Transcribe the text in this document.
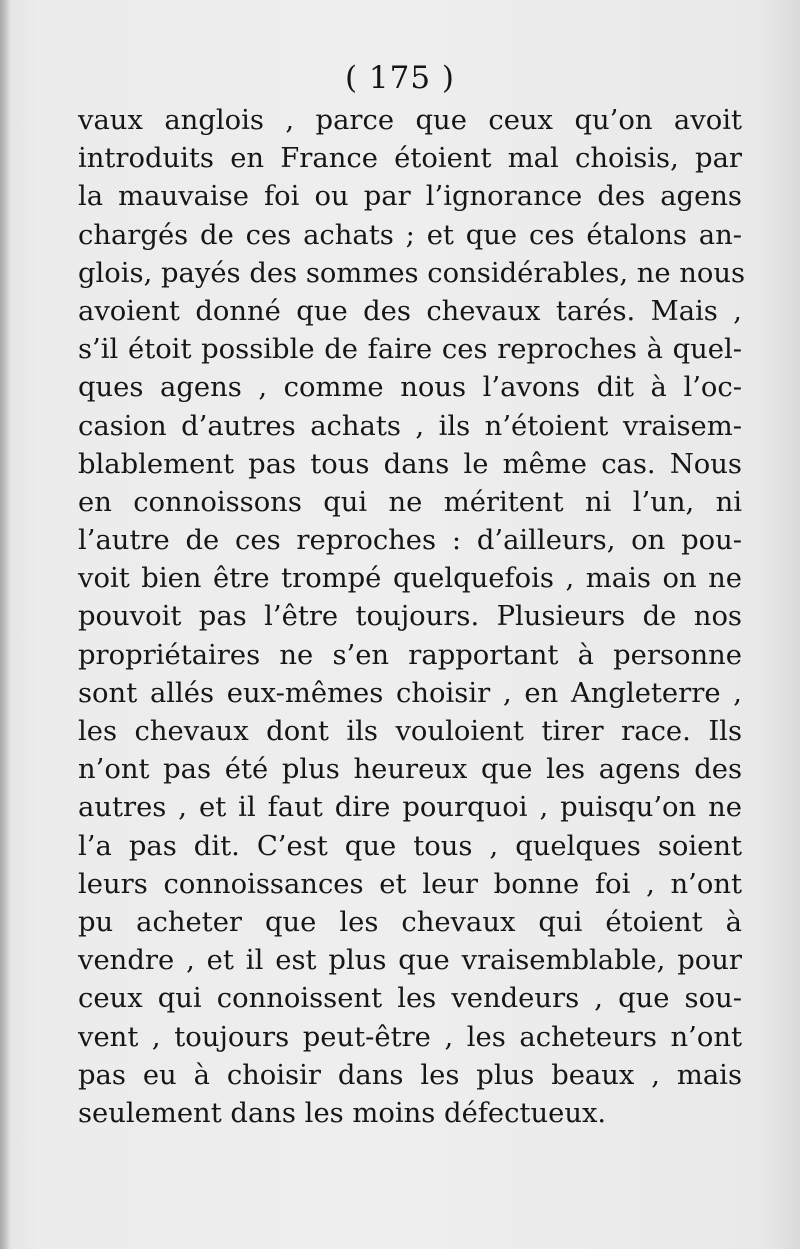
( 175 )
vaux anglois , parce que ceux qu’on avoit
introduits en France étoient mal choisis, par
la mauvaise foi ou par l’ignorance des agens
chargés de ces achats ; et que ces étalons an-
glois, payés des sommes considérables, ne nous
avoient donné que des chevaux tarés. Mais ,
s’il étoit possible de faire ces reproches à quel-
ques agens , comme nous l’avons dit à l’oc-
casion d’autres achats , ils n’étoient vraisem-
blablement pas tous dans le même cas. Nous
en connoissons qui ne méritent ni l’un, ni
l’autre de ces reproches : d’ailleurs, on pou-
voit bien être trompé quelquefois , mais on ne
pouvoit pas l’être toujours. Plusieurs de nos
propriétaires ne s’en rapportant à personne
sont allés eux-mêmes choisir , en Angleterre ,
les chevaux dont ils vouloient tirer race. Ils
n’ont pas été plus heureux que les agens des
autres , et il faut dire pourquoi , puisqu’on ne
l’a pas dit. C’est que tous , quelques soient
leurs connoissances et leur bonne foi , n’ont
pu acheter que les chevaux qui étoient à
vendre , et il est plus que vraisemblable, pour
ceux qui connoissent les vendeurs , que sou-
vent , toujours peut-être , les acheteurs n’ont
pas eu à choisir dans les plus beaux , mais
seulement dans les moins défectueux.
